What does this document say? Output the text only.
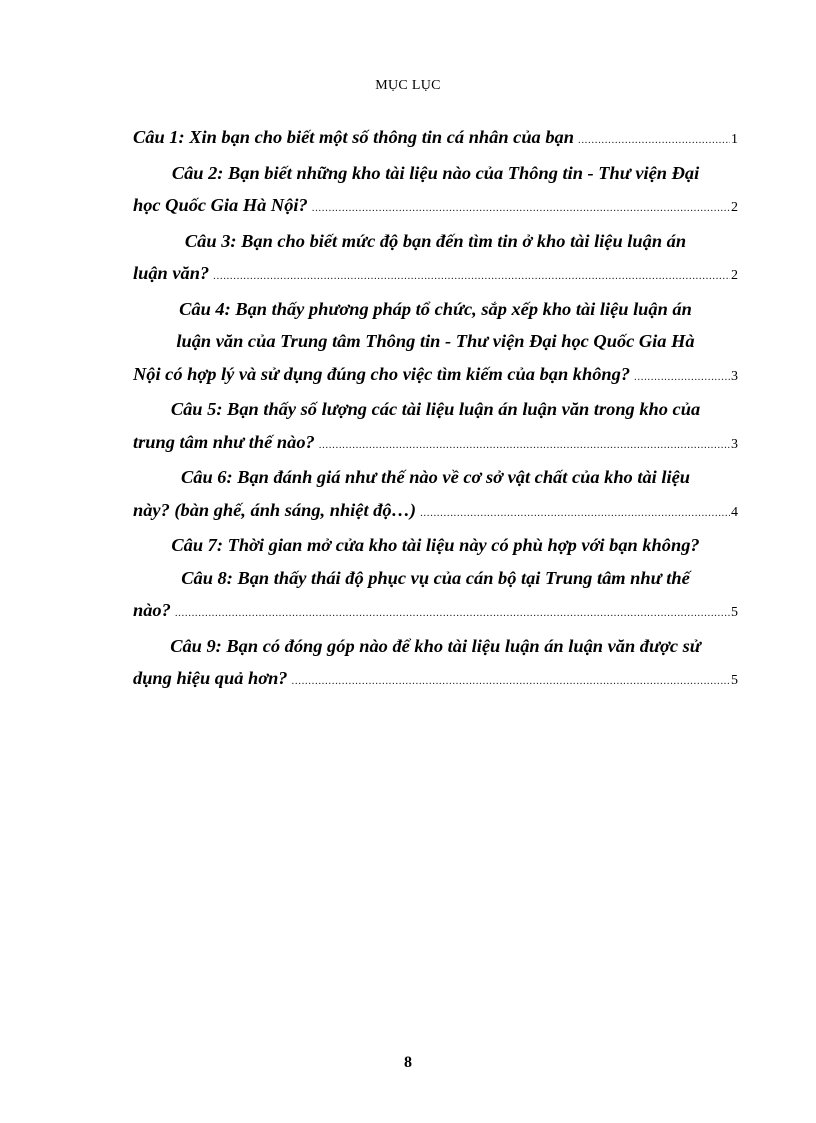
MỤC LỤC
Câu 1: Xin bạn cho biết một số thông tin cá nhân của bạn .....	1
Câu 2: Bạn biết những kho tài liệu nào của Thông tin - Thư viện Đại
học Quốc Gia Hà Nội? .....	2
Câu 3: Bạn cho biết mức độ bạn đến tìm tin ở kho tài liệu luận án
luận văn? .....	2
Câu 4: Bạn thấy phương pháp tổ chức, sắp xếp kho tài liệu luận án
luận văn của Trung tâm Thông tin - Thư viện Đại học Quốc Gia Hà
Nội có hợp lý và sử dụng đúng cho việc tìm kiếm của bạn không? .....	3
Câu 5: Bạn thấy số lượng các tài liệu luận án luận văn trong kho của
trung tâm như thế nào? .....	3
Câu 6: Bạn đánh giá như thế nào về cơ sở vật chất của kho tài liệu
này? (bàn ghế, ánh sáng, nhiệt độ…) .....	4
Câu 7: Thời gian mở cửa kho tài liệu này có phù hợp với bạn không?
Câu 8: Bạn thấy thái độ phục vụ của cán bộ tại Trung tâm như thế
nào? .....	5
Câu 9: Bạn có đóng góp nào để kho tài liệu luận án luận văn được sử
dụng hiệu quả hơn? .....	5
8
